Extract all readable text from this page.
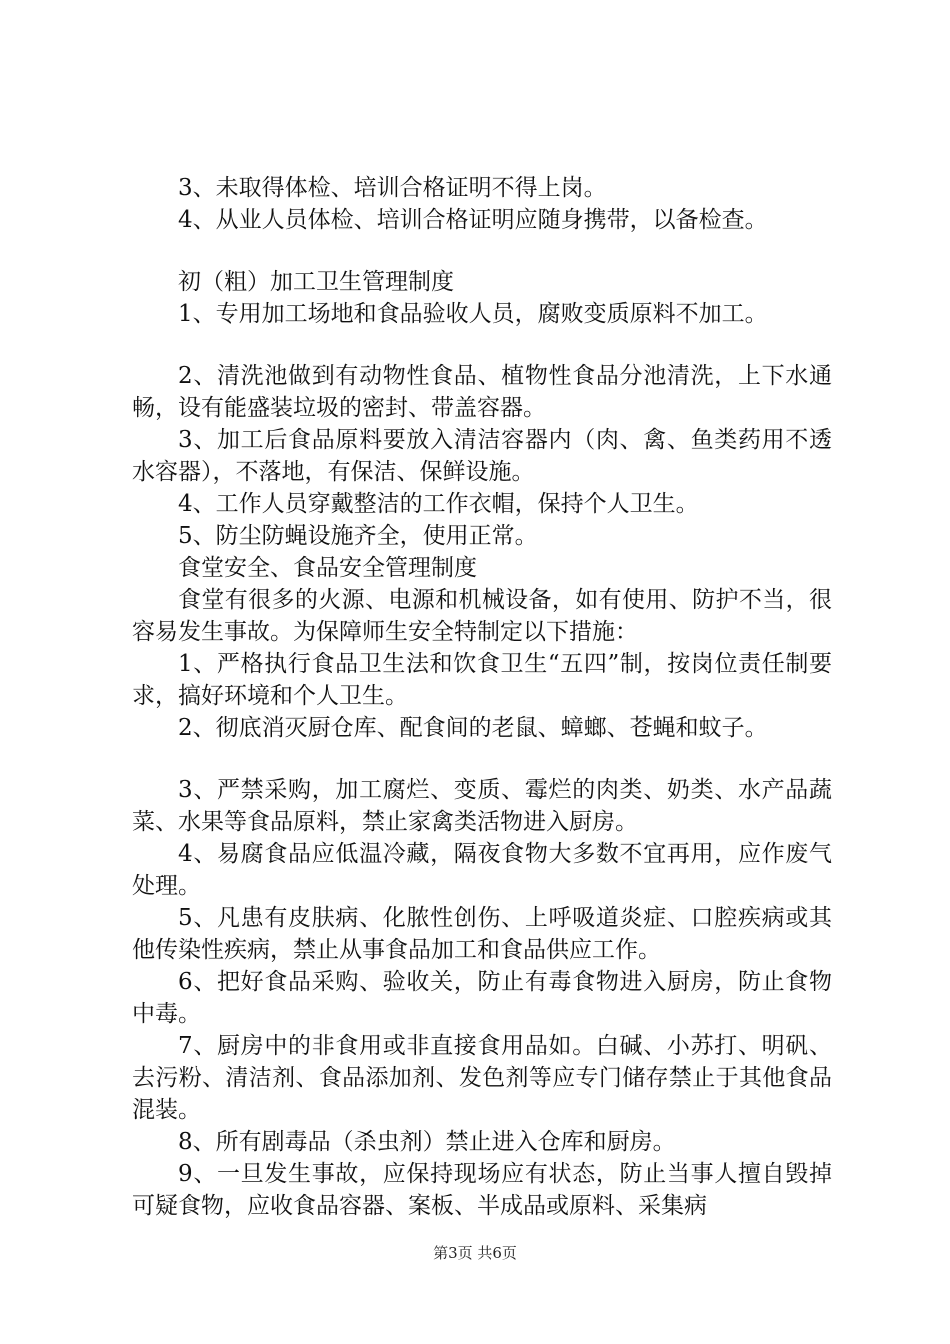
3、未取得体检、培训合格证明不得上岗。

4、从业人员体检、培训合格证明应随身携带，以备检查。

初（粗）加工卫生管理制度

1、专用加工场地和食品验收人员，腐败变质原料不加工。

2、清洗池做到有动物性食品、植物性食品分池清洗，上下水通畅，设有能盛装垃圾的密封、带盖容器。

3、加工后食品原料要放入清洁容器内（肉、禽、鱼类药用不透水容器），不落地，有保洁、保鲜设施。

4、工作人员穿戴整洁的工作衣帽，保持个人卫生。

5、防尘防蝇设施齐全，使用正常。

食堂安全、食品安全管理制度

食堂有很多的火源、电源和机械设备，如有使用、防护不当，很容易发生事故。为保障师生安全特制定以下措施：

1、严格执行食品卫生法和饮食卫生“五四”制，按岗位责任制要求，搞好环境和个人卫生。

2、彻底消灭厨仓库、配食间的老鼠、蟑螂、苍蝇和蚊子。

3、严禁采购，加工腐烂、变质、霉烂的肉类、奶类、水产品蔬菜、水果等食品原料，禁止家禽类活物进入厨房。

4、易腐食品应低温冷藏，隔夜食物大多数不宜再用，应作废气处理。

5、凡患有皮肤病、化脓性创伤、上呼吸道炎症、口腔疾病或其他传染性疾病，禁止从事食品加工和食品供应工作。

6、把好食品采购、验收关，防止有毒食物进入厨房，防止食物中毒。

7、厨房中的非食用或非直接食用品如。白碱、小苏打、明矾、去污粉、清洁剂、食品添加剂、发色剂等应专门储存禁止于其他食品混装。

8、所有剧毒品（杀虫剂）禁止进入仓库和厨房。

9、一旦发生事故，应保持现场应有状态，防止当事人擅自毁掉可疑食物，应收食品容器、案板、半成品或原料、采集病

第3页 共6页
